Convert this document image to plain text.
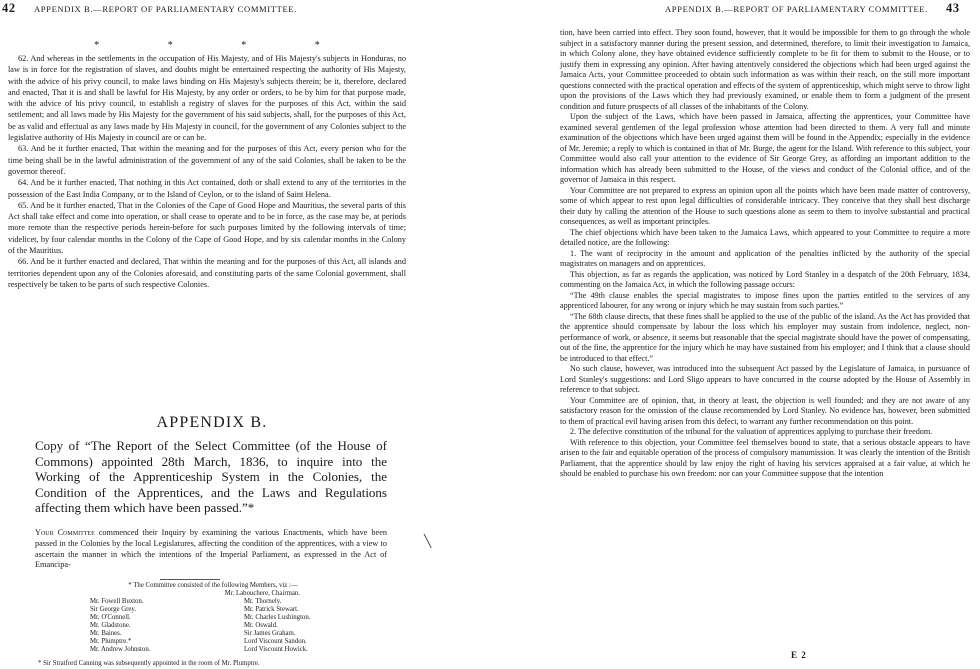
42 APPENDIX B.—REPORT OF PARLIAMENTARY COMMITTEE.
* * * *

62. And whereas in the settlements in the occupation of His Majesty, and of His Majesty's subjects in Honduras, no law is in force for the registration of slaves, and doubts might be entertained respecting the authority of His Majesty, with the advice of his privy council, to make laws binding on His Majesty's subjects therein; be it, therefore, declared and enacted, That it is and shall be lawful for His Majesty, by any order or orders, to be by him for that purpose made, with the advice of his privy council, to establish a registry of slaves for the purposes of this Act, within the said settlement; and all laws made by His Majesty for the government of his said subjects, shall, for the purposes of this Act, be as valid and effectual as any laws made by His Majesty in council, for the government of any Colonies subject to the legislative authority of His Majesty in council are or can be.

63. And be it further enacted, That within the meaning and for the purposes of this Act, every person who for the time being shall be in the lawful administration of the government of any of the said Colonies, shall be taken to be the governor thereof.

64. And be it further enacted, That nothing in this Act contained, doth or shall extend to any of the territories in the possession of the East India Company, or to the Island of Ceylon, or to the island of Saint Helena.

65. And be it further enacted, That in the Colonies of the Cape of Good Hope and Mauritius, the several parts of this Act shall take effect and come into operation, or shall cease to operate and to be in force, as the case may be, at periods more remote than the respective periods herein-before for such purposes limited by the following intervals of time; videlicet, by four calendar months in the Colony of the Cape of Good Hope, and by six calendar months in the Colony of the Mauritius.

66. And be it further enacted and declared, That within the meaning and for the purposes of this Act, all islands and territories dependent upon any of the Colonies aforesaid, and constituting parts of the same Colonial government, shall respectively be taken to be parts of such respective Colonies.

APPENDIX B.
Copy of “The Report of the Select Committee (of the House of Commons) appointed 28th March, 1836, to inquire into the Working of the Apprenticeship System in the Colonies, the Condition of the Apprentices, and the Laws and Regulations affecting them which have been passed.”*
Your Committee commenced their Inquiry by examining the various Enactments, which have been passed in the Colonies by the local Legislatures, affecting the condition of the apprentices, with a view to ascertain the manner in which the intentions of the Imperial Parliament, as expressed in the Act of Emancipa-

* The Committee consisted of the following Members, viz :—
Mr. Labouchere, Chairman.

Mr. Fowell Buxton.
Sir George Grey.
Mr. O'Connell.
Mr. Gladstone.
Mr. Baines.
Mr. Plumptre.*
Mr. Andrew Johnston.
Mr. Thornely.
Mr. Patrick Stewart.
Mr. Charles Lushington.
Mr. Oswald.
Sir James Graham.
Lord Viscount Sandon.
Lord Viscount Howick.

* Sir Stratford Canning was subsequently appointed in the room of Mr. Plumptre.

╲
APPENDIX B.—REPORT OF PARLIAMENTARY COMMITTEE. 43

tion, have been carried into effect. They soon found, however, that it would be impossible for them to go through the whole subject in a satisfactory manner during the present session, and determined, therefore, to limit their investigation to Jamaica, in which Colony alone, they have obtained evidence sufficiently complete to be fit for them to submit to the House, or to justify them in expressing any opinion. After having attentively considered the objections which had been urged against the Jamaica Acts, your Committee proceeded to obtain such information as was within their reach, on the still more important questions connected with the practical operation and effects of the system of apprenticeship, which might serve to throw light upon the provisions of the Laws which they had previously examined, or enable them to form a judgment of the present condition and future prospects of all classes of the inhabitants of the Colony.

Upon the subject of the Laws, which have been passed in Jamaica, affecting the apprentices, your Committee have examined several gentlemen of the legal profession whose attention had been directed to them. A very full and minute examination of the objections which have been urged against them will be found in the Appendix; especially in the evidence of Mr. Jeremie; a reply to which is contained in that of Mr. Burge, the agent for the Island. With reference to this subject, your Committee would also call your attention to the evidence of Sir George Grey, as affording an important addition to the information which has already been submitted to the House, of the views and conduct of the Colonial office, and of the governor of Jamaica in this respect.

Your Committee are not prepared to express an opinion upon all the points which have been made matter of controversy, some of which appear to rest upon legal difficulties of considerable intricacy. They conceive that they shall best discharge their duty by calling the attention of the House to such questions alone as seem to them to involve substantial and practical consequences, as well as important principles.

The chief objections which have been taken to the Jamaica Laws, which appeared to your Committee to require a more detailed notice, are the following:

1. The want of reciprocity in the amount and application of the penalties inflicted by the authority of the special magistrates on managers and on apprentices.

This objection, as far as regards the application, was noticed by Lord Stanley in a despatch of the 20th February, 1834, commenting on the Jamaica Act, in which the following passage occurs:

“The 49th clause enables the special magistrates to impose fines upon the parties entitled to the services of any apprenticed labourer, for any wrong or injury which he may sustain from such parties.”

“The 68th clause directs, that these fines shall be applied to the use of the public of the island. As the Act has provided that the apprentice should compensate by labour the loss which his employer may sustain from indolence, neglect, non-performance of work, or absence, it seems but reasonable that the special magistrate should have the power of compensating, out of the fine, the apprentice for the injury which he may have sustained from his employer; and I think that a clause should be introduced to that effect.”

No such clause, however, was introduced into the subsequent Act passed by the Legislature of Jamaica, in pursuance of Lord Stanley's suggestions: and Lord Sligo appears to have concurred in the course adopted by the House of Assembly in reference to that subject.

Your Committee are of opinion, that, in theory at least, the objection is well founded; and they are not aware of any satisfactory reason for the omission of the clause recommended by Lord Stanley. No evidence has, however, been submitted to them of practical evil having arisen from this defect, to warrant any further recommendation on this point.

2. The defective constitution of the tribunal for the valuation of apprentices applying to purchase their freedom.

With reference to this objection, your Committee feel themselves bound to state, that a serious obstacle appears to have arisen to the fair and equitable operation of the process of compulsory manumission. It was clearly the intention of the British Parliament, that the apprentice should by law enjoy the right of having his services appraised at a fair value, at which he should be enabled to purchase his own freedom: nor can your Committee suppose that the intention

E 2
